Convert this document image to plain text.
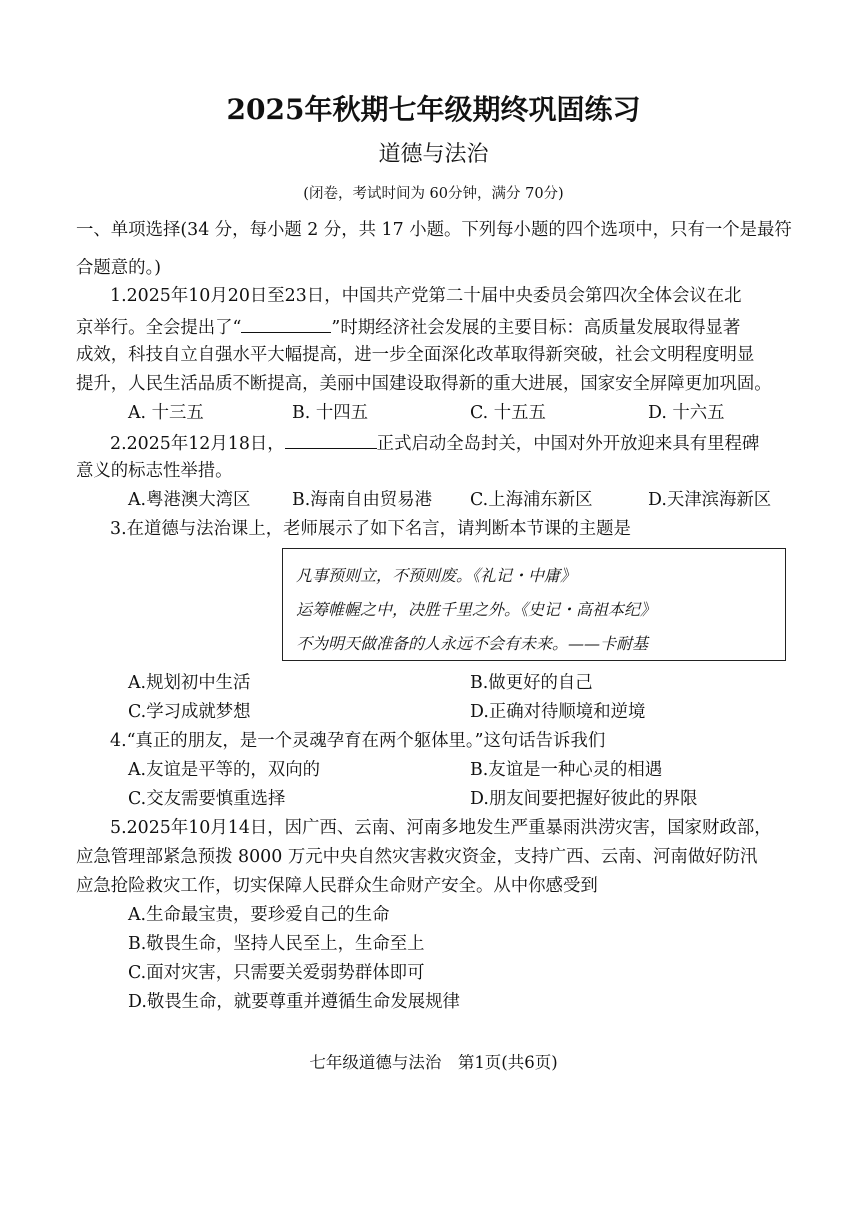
2025年秋期七年级期终巩固练习
道德与法治
(闭卷，考试时间为 60分钟，满分 70分)
一、单项选择(34 分，每小题 2 分，共 17 小题。下列每小题的四个选项中，只有一个是最符
合题意的。)
1.2025年10月20日至23日，中国共产党第二十届中央委员会第四次全体会议在北
京举行。全会提出了“	”时期经济社会发展的主要目标：高质量发展取得显著
成效，科技自立自强水平大幅提高，进一步全面深化改革取得新突破，社会文明程度明显
提升，人民生活品质不断提高，美丽中国建设取得新的重大进展，国家安全屏障更加巩固。
A. 十三五	B. 十四五	C. 十五五	D. 十六五
2.2025年12月18日，	正式启动全岛封关，中国对外开放迎来具有里程碑
意义的标志性举措。
A.粤港澳大湾区 B.海南自由贸易港 C.上海浦东新区	D.天津滨海新区
3.在道德与法治课上，老师展示了如下名言，请判断本节课的主题是
凡事预则立，不预则废。《礼记・中庸》
运筹帷幄之中，决胜千里之外。《史记・高祖本纪》
不为明天做准备的人永远不会有未来。——卡耐基
A.规划初中生活	B.做更好的自己
C.学习成就梦想	D.正确对待顺境和逆境
4.“真正的朋友，是一个灵魂孕育在两个躯体里。”这句话告诉我们
A.友谊是平等的，双向的	B.友谊是一种心灵的相遇
C.交友需要慎重选择	D.朋友间要把握好彼此的界限
5.2025年10月14日，因广西、云南、河南多地发生严重暴雨洪涝灾害，国家财政部，
应急管理部紧急预拨 8000 万元中央自然灾害救灾资金，支持广西、云南、河南做好防汛
应急抢险救灾工作，切实保障人民群众生命财产安全。从中你感受到
A.生命最宝贵，要珍爱自己的生命
B.敬畏生命，坚持人民至上，生命至上
C.面对灾害，只需要关爱弱势群体即可
D.敬畏生命，就要尊重并遵循生命发展规律
七年级道德与法治　第1页(共6页)
